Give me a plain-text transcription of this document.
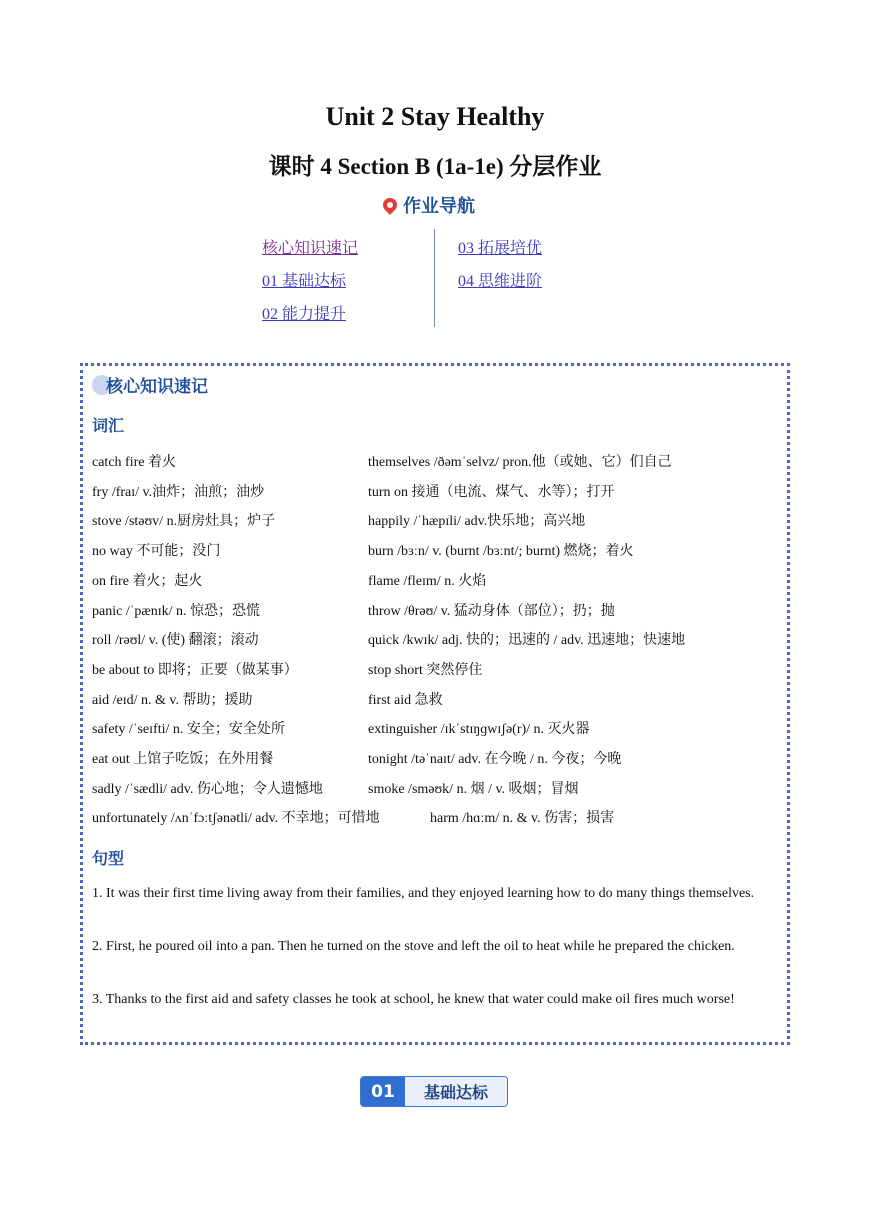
Unit 2 Stay Healthy
课时 4 Section B (1a-1e) 分层作业
作业导航
核心知识速记
01 基础达标
02 能力提升
03 拓展培优
04 思维进阶
核心知识速记
词汇
catch fire 着火	themselves /ðəmˈselvz/ pron.他（或她、它）们自己
fry /fraɪ/ v.油炸；油煎；油炒	turn on 接通（电流、煤气、水等）；打开
stove /stəʊv/ n.厨房灶具；炉子	happily /ˈhæpɪli/ adv.快乐地；高兴地
no way 不可能；没门	burn /bɜːn/ v. (burnt /bɜːnt/; burnt) 燃烧；着火
on fire 着火；起火	flame /fleɪm/ n. 火焰
panic /ˈpænɪk/ n. 惊恐；恐慌	throw /θrəʊ/ v. 猛动身体（部位）；扔；抛
roll /rəʊl/ v. (使) 翻滚；滚动	quick /kwɪk/ adj. 快的；迅速的 / adv. 迅速地；快速地
be about to 即将；正要（做某事）	stop short 突然停住
aid /eɪd/ n. & v. 帮助；援助	first aid 急救
safety /ˈseɪfti/ n. 安全；安全处所	extinguisher /ɪkˈstɪŋɡwɪʃə(r)/ n. 灭火器
eat out 上馆子吃饭；在外用餐	tonight /təˈnaɪt/ adv. 在今晚 / n. 今夜；今晚
sadly /ˈsædli/ adv. 伤心地；令人遗憾地	smoke /sməʊk/ n. 烟 / v. 吸烟；冒烟
unfortunately /ʌnˈfɔːtʃənətli/ adv. 不幸地；可惜地	harm /hɑːm/ n. & v. 伤害；损害
句型
1. It was their first time living away from their families, and they enjoyed learning how to do many things themselves.
2. First, he poured oil into a pan. Then he turned on the stove and left the oil to heat while he prepared the chicken.
3. Thanks to the first aid and safety classes he took at school, he knew that water could make oil fires much worse!
01	基础达标
